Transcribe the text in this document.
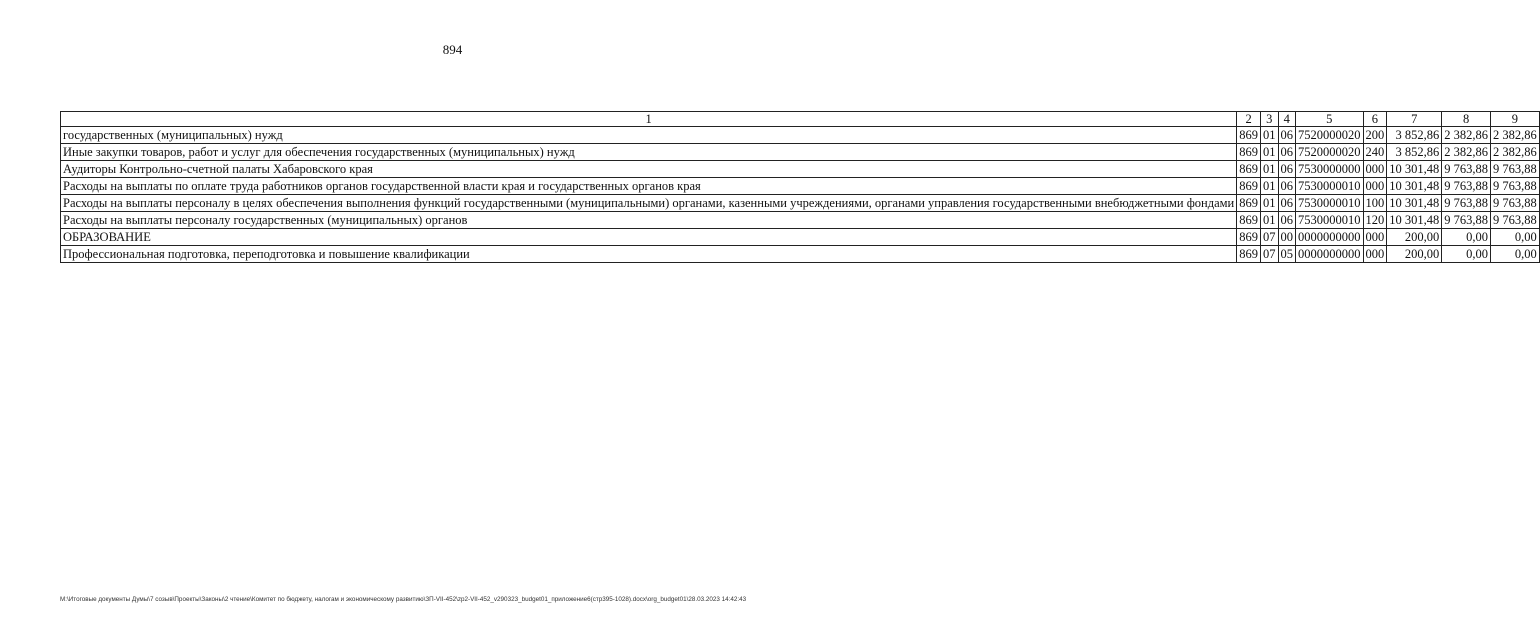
894
1	2	3	4	5	6	7	8	9
государственных (муниципальных) нужд	869	01	06	7520000020	200	3 852,86	2 382,86	2 382,86
Иные закупки товаров, работ и услуг для обеспечения государственных (муниципальных) нужд	869	01	06	7520000020	240	3 852,86	2 382,86	2 382,86
Аудиторы Контрольно-счетной палаты Хабаровского края	869	01	06	7530000000	000	10 301,48	9 763,88	9 763,88
Расходы на выплаты по оплате труда работников органов государственной власти края и государственных органов края	869	01	06	7530000010	000	10 301,48	9 763,88	9 763,88
Расходы на выплаты персоналу в целях обеспечения выполнения функций государственными (муниципальными) органами, казенными учреждениями, органами управления государственными внебюджетными фондами	869	01	06	7530000010	100	10 301,48	9 763,88	9 763,88
Расходы на выплаты персоналу государственных (муниципальных) органов	869	01	06	7530000010	120	10 301,48	9 763,88	9 763,88
ОБРАЗОВАНИЕ	869	07	00	0000000000	000	200,00	0,00	0,00
Профессиональная подготовка, переподготовка и повышение квалификации	869	07	05	0000000000	000	200,00	0,00	0,00
M:\Итоговые документы Думы\7 созыв\Проекты\Законы\2 чтение\Комитет по бюджету, налогам и экономическому развитию\ЗП-VII-452\zp2-VII-452_v290323_budget01_приложение6(стр395-1028).docx\org_budget01\28.03.2023 14:42:43
